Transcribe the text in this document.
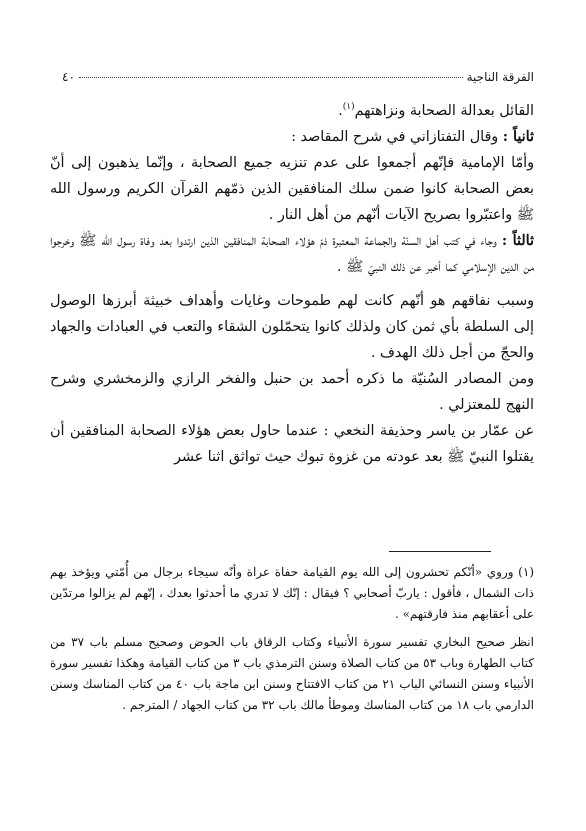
الفرقة الناجية
٤٠

القائل بعدالة الصحابة ونزاهتهم$^{(١)}$.

ثانياً : وقال التفتازاني في شرح المقاصد :

وأمّا الإمامية فإنّهم أجمعوا على عدم تنزيه جميع الصحابة ، وإنّما يذهبون إلى أنّ بعض الصحابة كانوا ضمن سلك المنافقين الذين ذمّهم القرآن الكريم ورسول الله ﷺ واعتبّروا بصريح الآيات أنّهم من أهل النار .

ثالثاً : وجاء في كتب أهل السنّة والجماعة المعتبرة ذمّ هؤلاء الصحابة المنافقين الذين ارتدوا بعد وفاة رسول الله ﷺ وخرجوا من الدين الإسلامي كما أخبر عن ذلك النبيّ ﷺ .

وسبب نفاقهم هو أنّهم كانت لهم طموحات وغايات وأهداف خبيثة أبرزها الوصول إلى السلطة بأي ثمن كان ولذلك كانوا يتحمّلون الشقاء والتعب في العبادات والجهاد والحجّ من أجل ذلك الهدف .

ومن المصادر السُنيّة ما ذكره أحمد بن حنبل والفخر الرازي والزمخشري وشرح النهج للمعتزلي .

عن عمّار بن ياسر وحذيفة النخعي : عندما حاول بعض هؤلاء الصحابة المنافقين أن يقتلوا النبيّ ﷺ بعد عودته من غزوة تبوك حيث تواثق اثنا عشر

(١) وروي «أنّكم تحشرون إلى الله يوم القيامة حفاة عراة وأنّه سيجاء برجال من أُمّتي ويؤخذ بهم ذات الشمال ، فأقول : ياربّ أصحابي ؟ فيقال : إنّك لا تدري ما أحدثوا بعدك ، إنّهم لم يزالوا مرتدّين على أعقابهم منذ فارقتهم» .

انظر صحيح البخاري تفسير سورة الأنبياء وكتاب الرقاق باب الحوض وصحيح مسلم باب ٣٧ من كتاب الطهارة وباب ٥٣ من كتاب الصلاة وسنن الترمذي باب ٣ من كتاب القيامة وهكذا تفسير سورة الأنبياء وسنن النسائي الباب ٢١ من كتاب الافتتاح وسنن ابن ماجة باب ٤٠ من كتاب المناسك وسنن الدارمي باب ١٨ من كتاب المناسك وموطأ مالك باب ٣٢ من كتاب الجهاد / المترجم .
